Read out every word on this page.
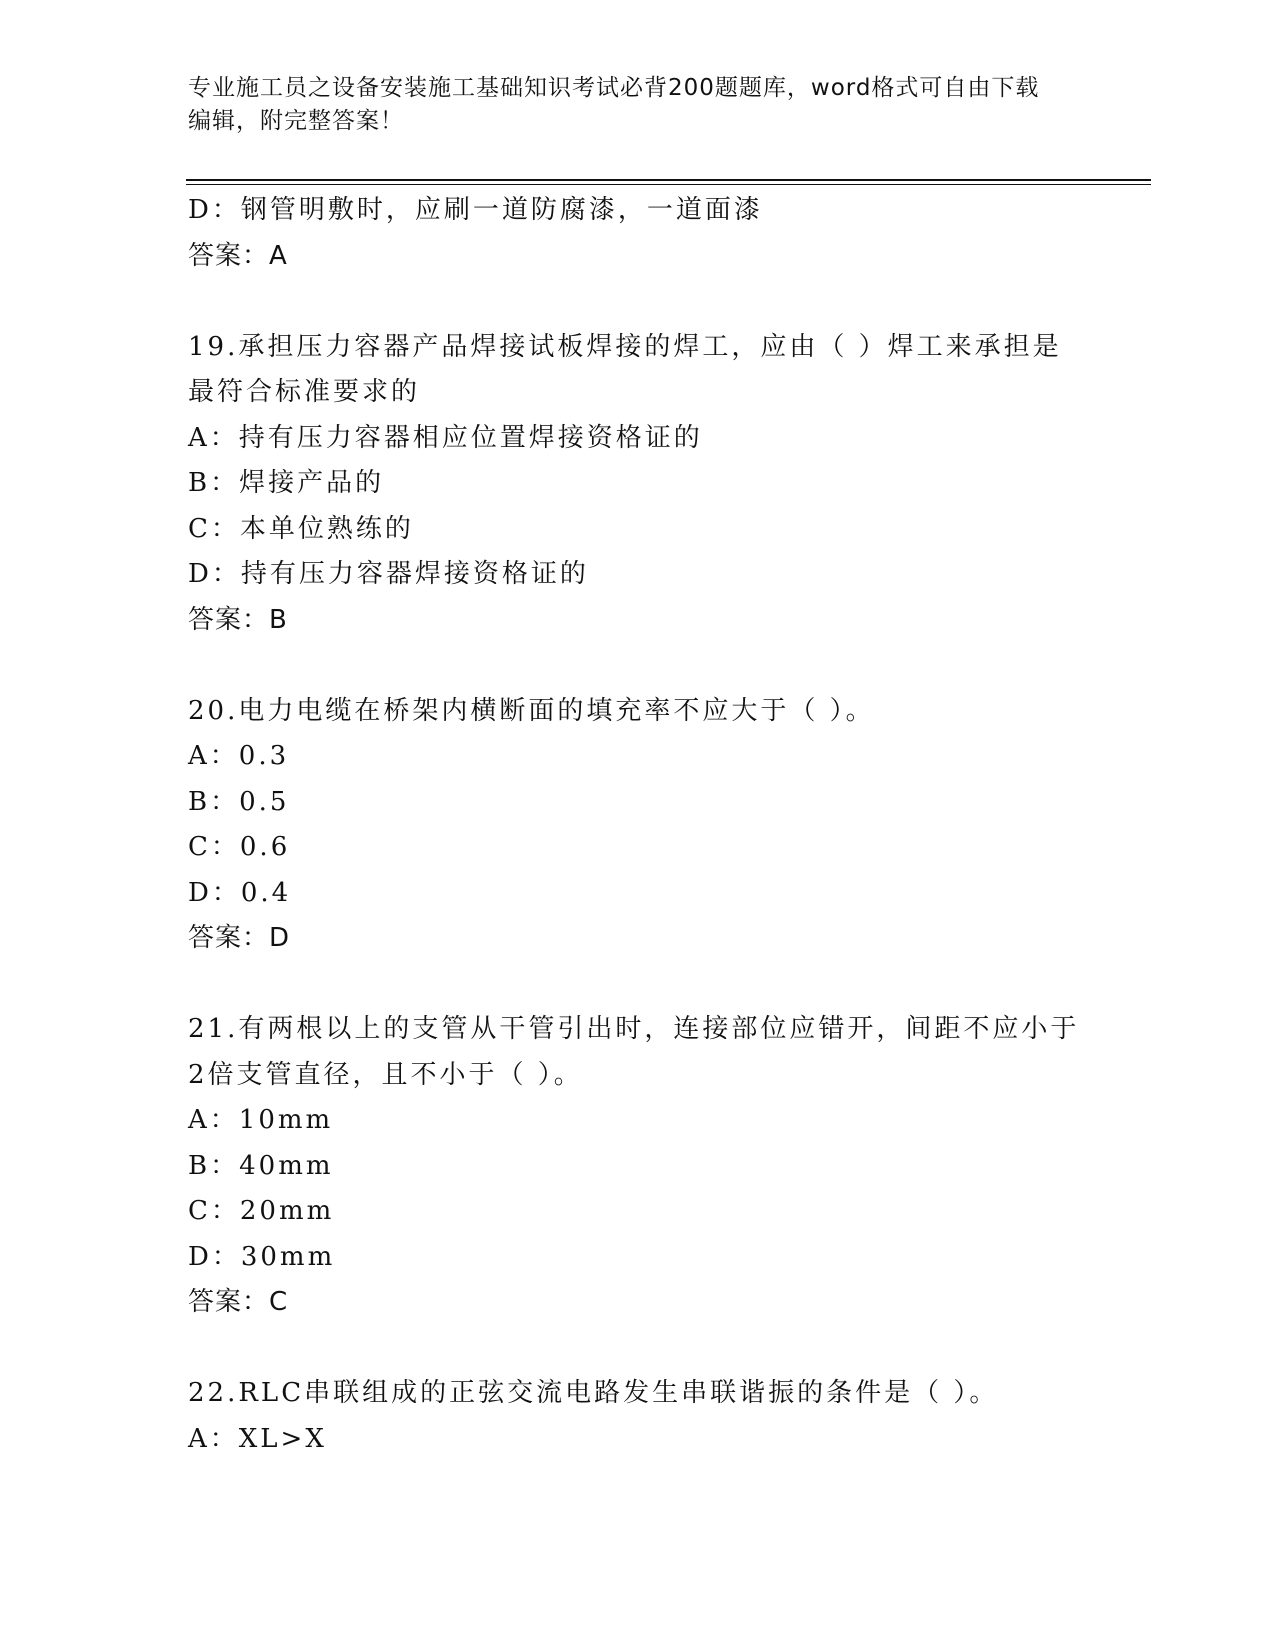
专业施工员之设备安装施工基础知识考试必背200题题库，word格式可自由下载
编辑，附完整答案！

D：钢管明敷时，应刷一道防腐漆，一道面漆

答案：A

19.承担压力容器产品焊接试板焊接的焊工，应由（ ）焊工来承担是

最符合标准要求的

A：持有压力容器相应位置焊接资格证的

B：焊接产品的

C：本单位熟练的

D：持有压力容器焊接资格证的

答案：B

20.电力电缆在桥架内横断面的填充率不应大于（ ）。

A：0.3

B：0.5

C：0.6

D：0.4

答案：D

21.有两根以上的支管从干管引出时，连接部位应错开，间距不应小于

2倍支管直径，且不小于（ ）。

A：10mm

B：40mm

C：20mm

D：30mm

答案：C

22.RLC串联组成的正弦交流电路发生串联谐振的条件是（ ）。

A：XL>X
